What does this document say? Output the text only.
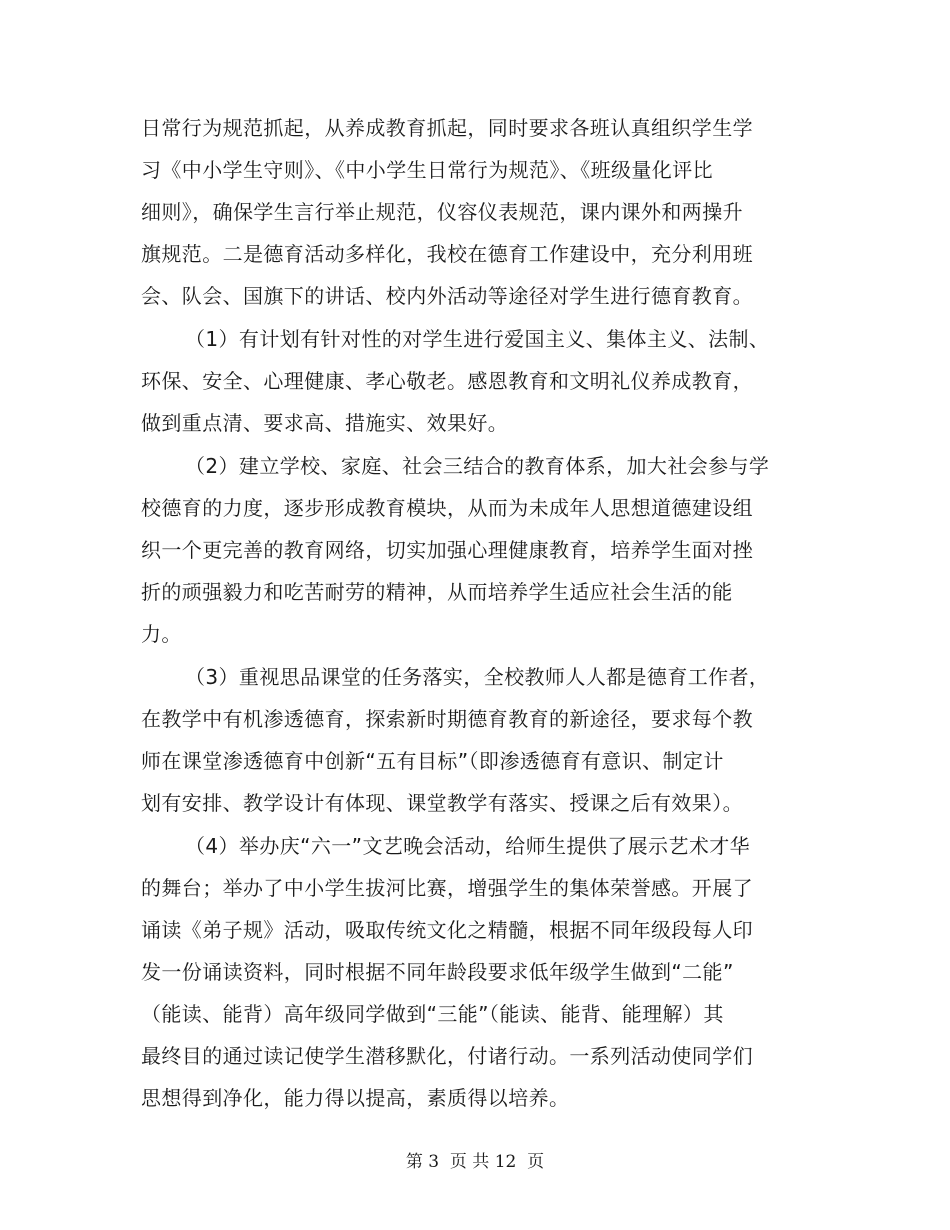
日常行为规范抓起，从养成教育抓起，同时要求各班认真组织学生学
习《中小学生守则》、《中小学生日常行为规范》、《班级量化评比
细则》，确保学生言行举止规范，仪容仪表规范，课内课外和两操升
旗规范。二是德育活动多样化，我校在德育工作建设中，充分利用班
会、队会、国旗下的讲话、校内外活动等途径对学生进行德育教育。
（1）有计划有针对性的对学生进行爱国主义、集体主义、法制、
环保、安全、心理健康、孝心敬老。感恩教育和文明礼仪养成教育，
做到重点清、要求高、措施实、效果好。
（2）建立学校、家庭、社会三结合的教育体系，加大社会参与学
校德育的力度，逐步形成教育模块，从而为未成年人思想道德建设组
织一个更完善的教育网络，切实加强心理健康教育，培养学生面对挫
折的顽强毅力和吃苦耐劳的精神，从而培养学生适应社会生活的能
力。
（3）重视思品课堂的任务落实，全校教师人人都是德育工作者，
在教学中有机渗透德育，探索新时期德育教育的新途径，要求每个教
师在课堂渗透德育中创新“五有目标”（即渗透德育有意识、制定计
划有安排、教学设计有体现、课堂教学有落实、授课之后有效果）。
（4）举办庆“六一”文艺晚会活动，给师生提供了展示艺术才华
的舞台；举办了中小学生拔河比赛，增强学生的集体荣誉感。开展了
诵读《弟子规》活动，吸取传统文化之精髓，根据不同年级段每人印
发一份诵读资料，同时根据不同年龄段要求低年级学生做到“二能”
（能读、能背）高年级同学做到“三能”（能读、能背、能理解）其
最终目的通过读记使学生潜移默化，付诸行动。一系列活动使同学们
思想得到净化，能力得以提高，素质得以培养。
第 3  页 共 12  页
